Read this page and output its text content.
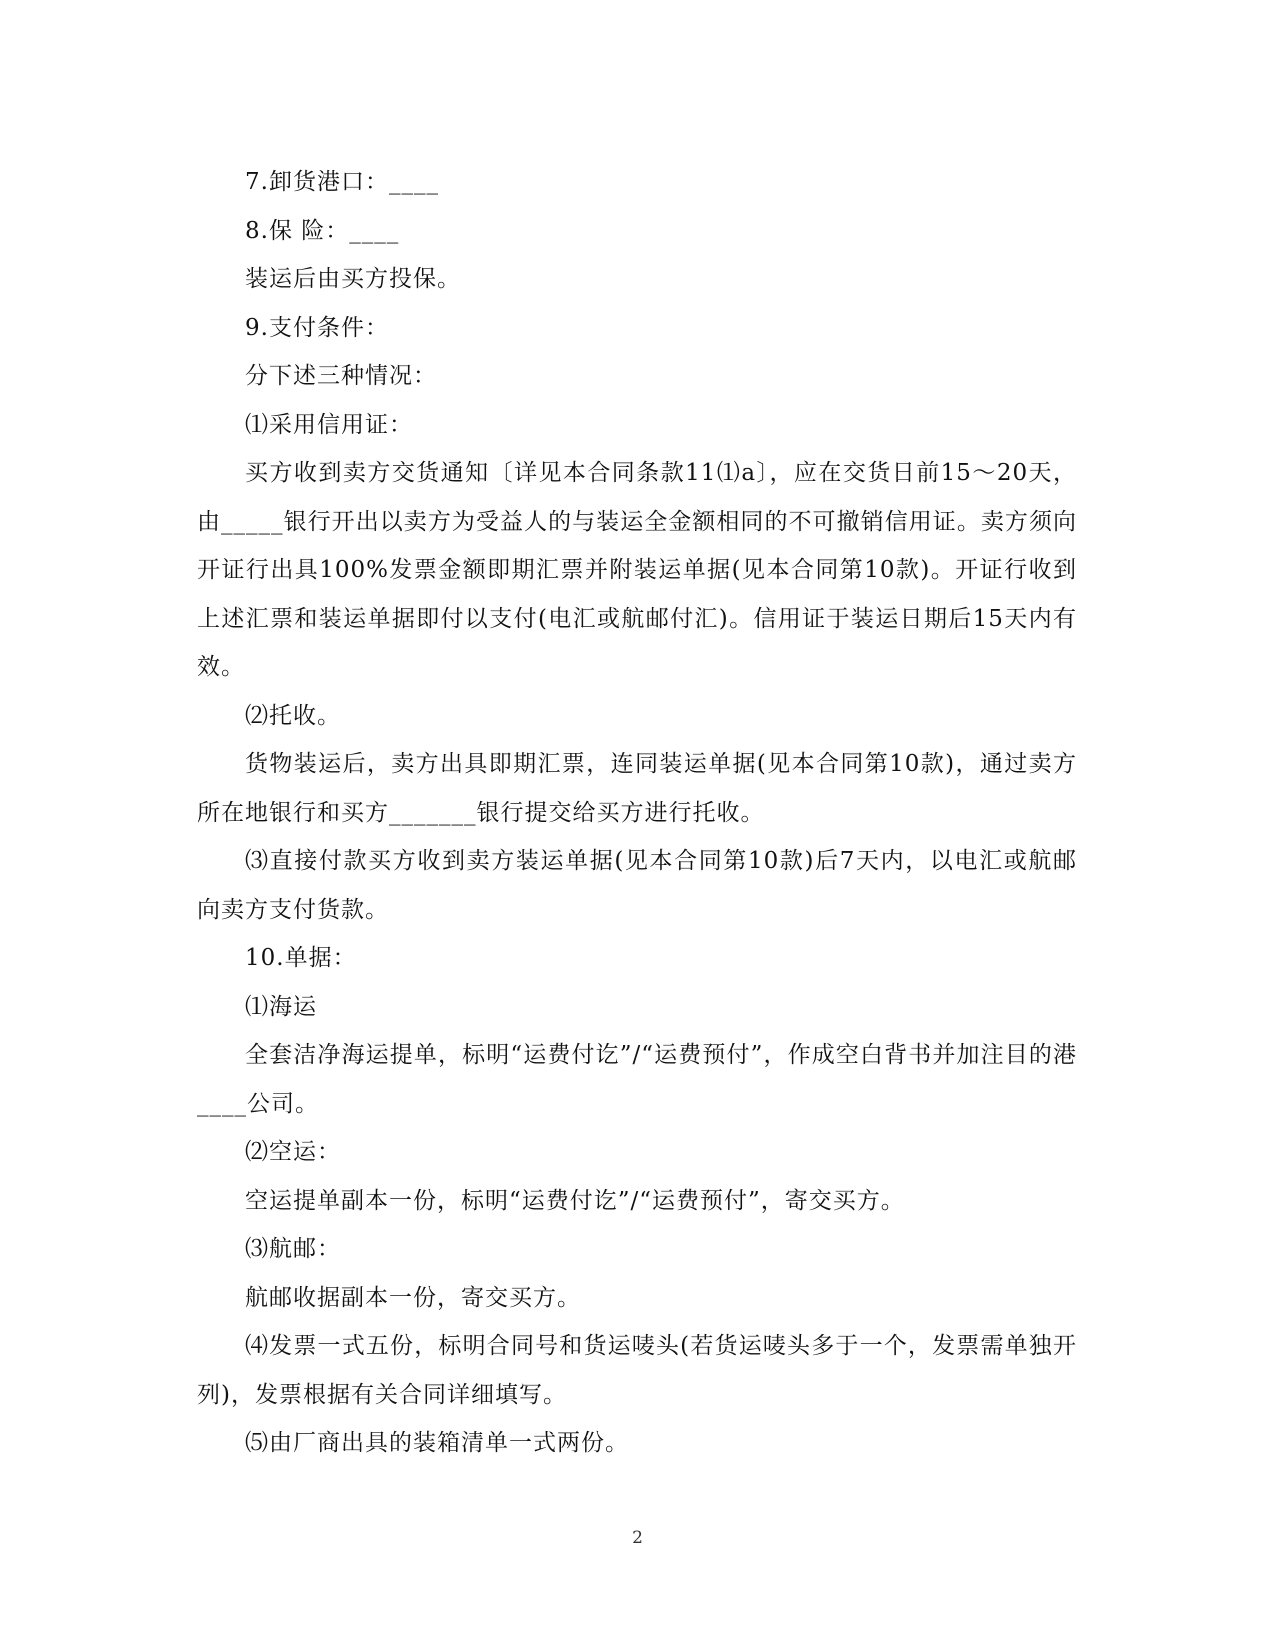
7.卸货港口：____

8.保 险：____

装运后由买方投保。

9.支付条件：

分下述三种情况：

⑴采用信用证：

买方收到卖方交货通知〔详见本合同条款11⑴a〕，应在交货日前15～20天，由_____银行开出以卖方为受益人的与装运全金额相同的不可撤销信用证。卖方须向开证行出具100%发票金额即期汇票并附装运单据(见本合同第10款)。开证行收到上述汇票和装运单据即付以支付(电汇或航邮付汇)。信用证于装运日期后15天内有效。

⑵托收。

货物装运后，卖方出具即期汇票，连同装运单据(见本合同第10款)，通过卖方所在地银行和买方_______银行提交给买方进行托收。

⑶直接付款买方收到卖方装运单据(见本合同第10款)后7天内，以电汇或航邮向卖方支付货款。

10.单据：

⑴海运

全套洁净海运提单，标明“运费付讫”/“运费预付”，作成空白背书并加注目的港____公司。

⑵空运：

空运提单副本一份，标明“运费付讫”/“运费预付”，寄交买方。

⑶航邮：

航邮收据副本一份，寄交买方。

⑷发票一式五份，标明合同号和货运唛头(若货运唛头多于一个，发票需单独开列)，发票根据有关合同详细填写。

⑸由厂商出具的装箱清单一式两份。

2
